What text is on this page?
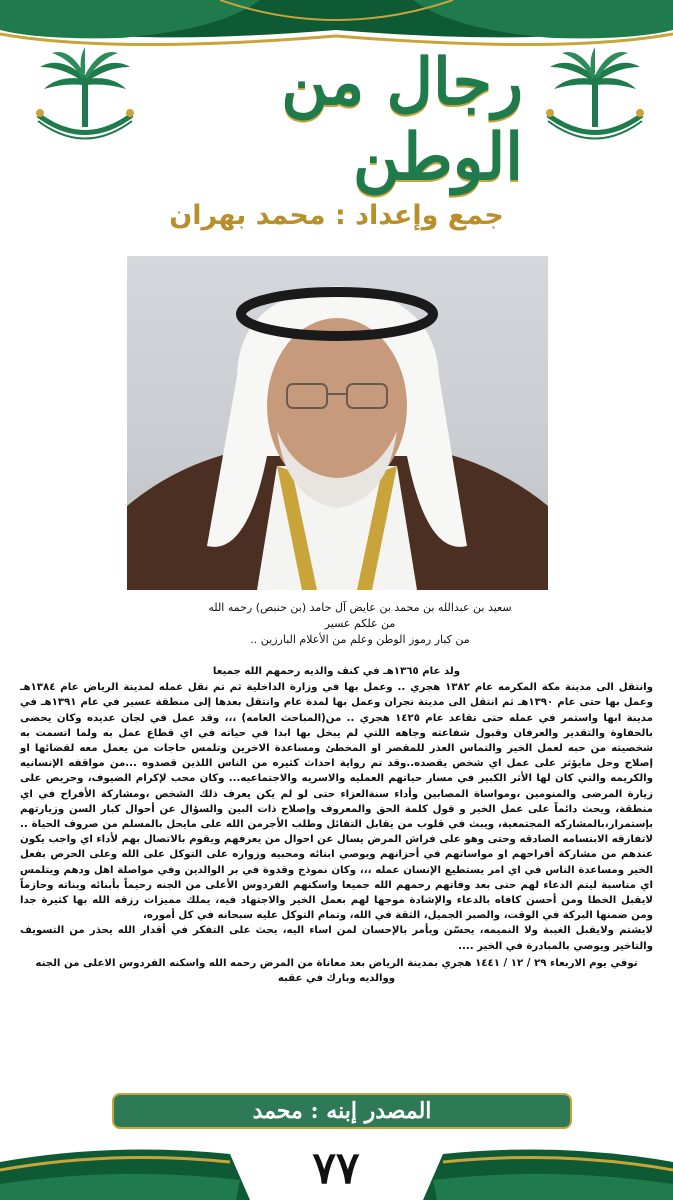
رجال من الوطن
جمع وإعداد : محمد بهران
سعيد بن عبدالله بن محمد بن عايض آل حامد (بن حنبص) رحمه الله
من علكم عسير
من كبار رموز الوطن وعلم من الأعلام البارزين ..

ولد عام ١٣٦٥هـ في كنف والديه رحمهم الله جميعا

وانتقل الى مدينة مكة المكرمه عام ١٣٨٢ هجري .. وعمل بها في وزارة الداخلية ثم تم نقل عمله لمدينة الرياض عام ١٣٨٤هـ وعمل بها حتى عام ١٣٩٠هـ ثم انتقل الى مدينة نجران وعمل بها لمدة عام وانتقل بعدها إلى منطقة عسير في عام ١٣٩١هـ في مدينة ابها واستمر في عمله حتى تقاعد عام ١٤٢٥ هجري .. من(المباحث العامه) ،،، وقد عمل في لجان عديده وكان يحضى بالحفاوة والتقدير والعرفان وقبول شفاعته وجاهه اللتي لم يبخل بها ابدا في حياته في اي قطاع عمل به ولما اتسمت به شخصيته من حبه لعمل الخير والتماس العذر للمقصر او المخطئ ومساعدة الاخرين وتلمس حاجات من يعمل معه لقضائها او إصلاح وحل مايؤثر على عمل اي شخص يقصده..وقد تم رواية احداث كثيره من الناس اللذين قصدوه ...من مواقفه الإنسانيه والكريمه والتي كان لها الأثر الكبير في مسار حياتهم العمليه والاسريه والاجتماعيه... وكان محب لإكرام الضيوف، وحريص على زيارة المرضى والمنومين ،ومواساة المصابين وأداء سنةالعزاء حتى لو لم يكن يعرف ذلك الشخص ،ومشاركة الأفراح في اي منطقة، ويحث دائماً على عمل الخير و قول كلمة الحق والمعروف وإصلاح ذات البين والسؤال عن أحوال كبار السن وزيارتهم بإستمرار،بالمشاركه المجتمعية، ويبث في قلوب من يقابل التفائل وطلب الأجرمن الله على مايحل بالمسلم من صروف الحياة .. لاتفارقه الابتسامه الصادقه وحتى وهو على فراش المرض يسال عن احوال من يعرفهم ويقوم بالاتصال بهم لأداء اي واجب يكون عندهم من مشاركة أفراحهم او مواساتهم في أحزانهم ويوصي ابنائه ومحبيه وزواره على التوكل على الله وعلى الحرص بفعل الخير ومساعدة الناس في اي امر يستطيع الإنسان عمله ،،، وكان نموذج وقدوة في بر الوالدين وفي مواصلة اهل ودهم ويتلمس اي مناسبة ليتم الدعاء لهم حتى بعد وفاتهم رحمهم الله جميعا واسكنهم الفردوس الأعلى من الجنه رحيماً بأبنائه وبناته وحازماً لايقبل الخطا ومن أحسن كافاه بالدعاء والإشادة موجها لهم بعمل الخير والاجتهاد فيه، يملك مميزات رزقه الله بها كثيرة جدا ومن ضمنها البركة في الوقت، والصبر الجميل، الثقة في الله، وتمام التوكل عليه سبحانه في كل أموره،

لايشتم ولايقبل الغيبة ولا النميمه، يحسّن ويأمر بالإحسان لمن اساء اليه، يحث على التفكر في أقدار الله يحذر من التسويف والتاخير ويوصي بالمبادرة في الخير ....

توفي يوم الاربعاء ٢٩ / ١٢ / ١٤٤١ هجري بمدينة الرياض بعد معاناة من المرض رحمه الله واسكنه الفردوس الاعلى من الجنه ووالديه وبارك في عقبه

المصدر إبنه : محمد
٧٧
